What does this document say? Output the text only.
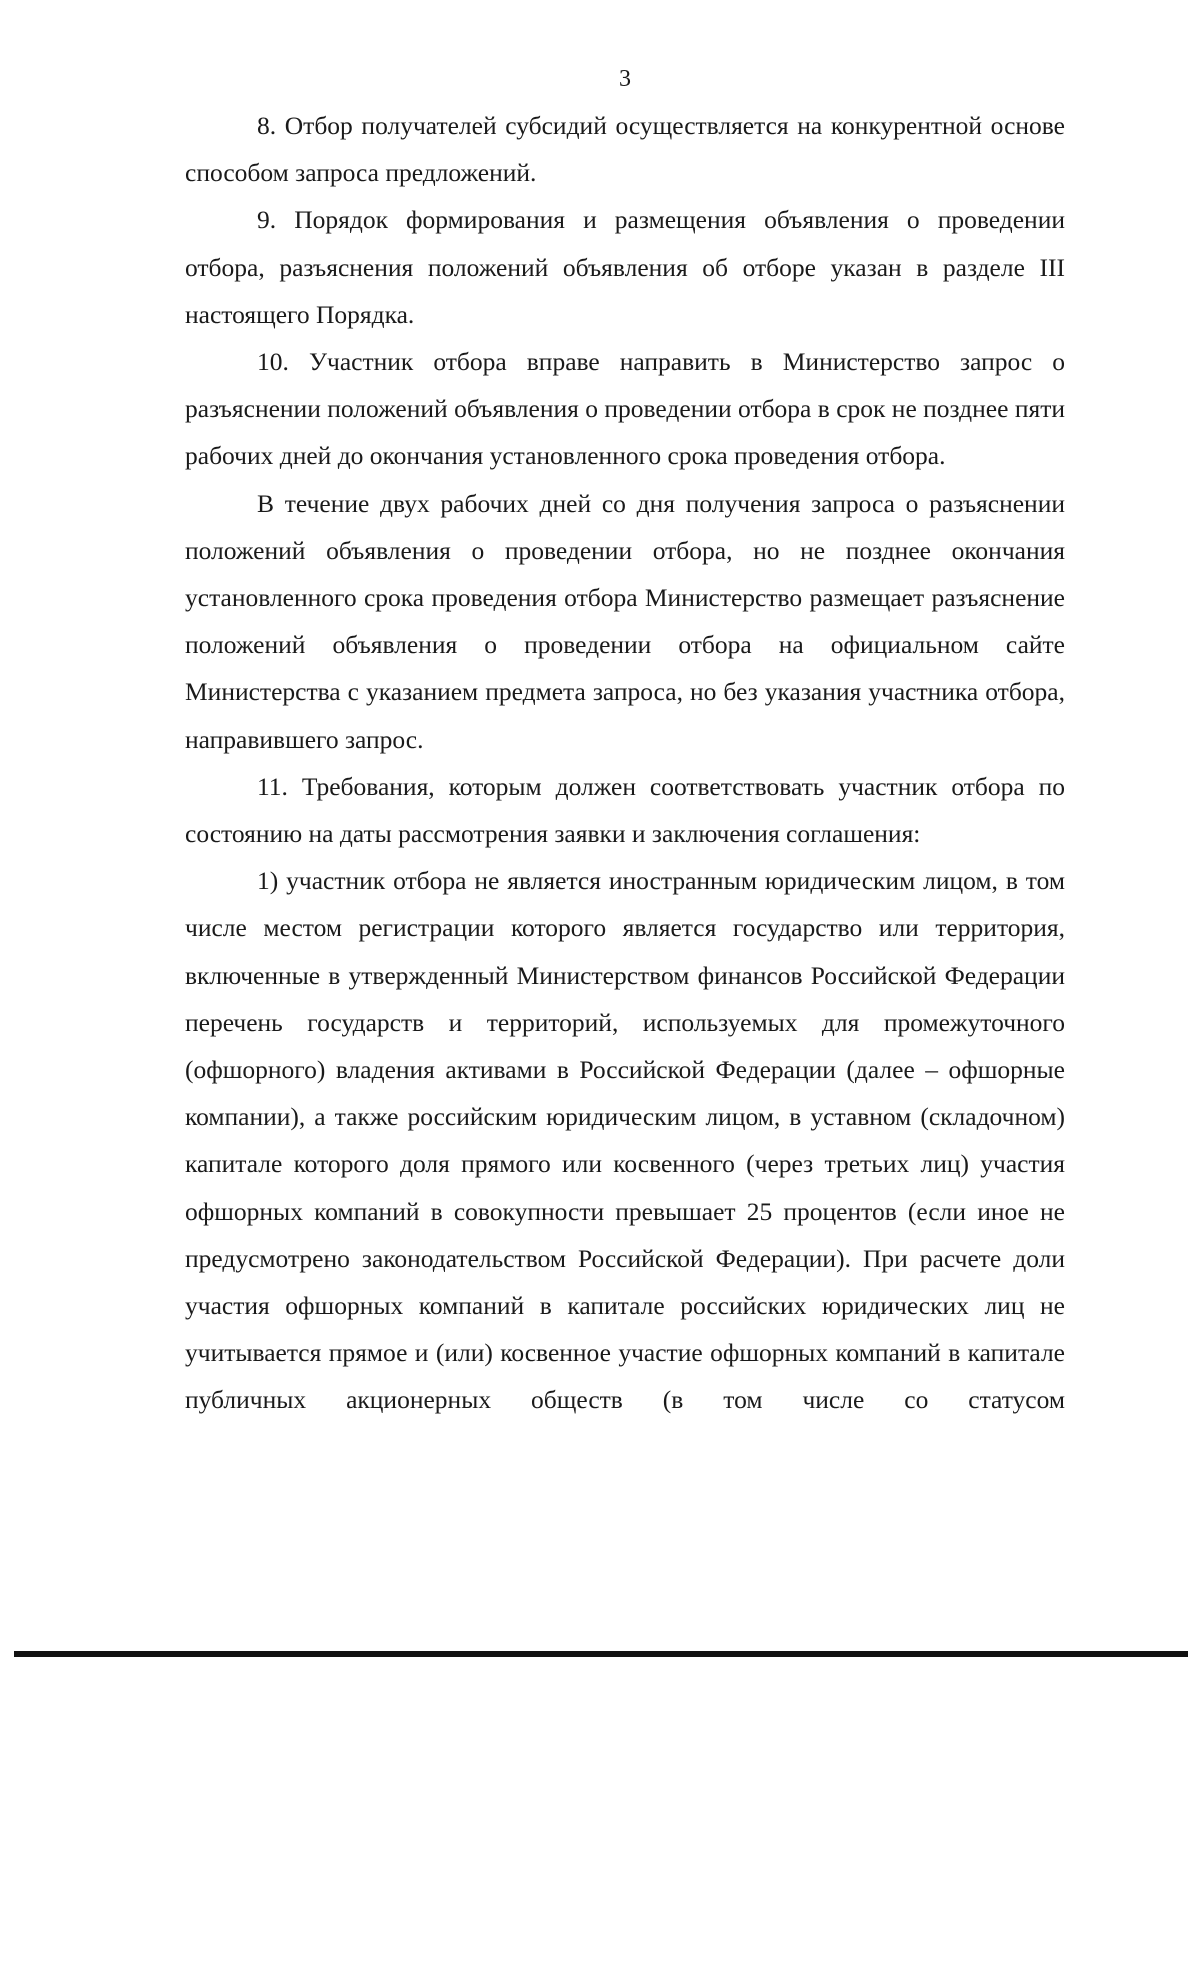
3

8. Отбор получателей субсидий осуществляется на конкурентной основе способом запроса предложений.

9. Порядок формирования и размещения объявления о проведении отбора, разъяснения положений объявления об отборе указан в разделе III настоящего Порядка.

10. Участник отбора вправе направить в Министерство запрос о разъяснении положений объявления о проведении отбора в срок не позднее пяти рабочих дней до окончания установленного срока проведения отбора.

В течение двух рабочих дней со дня получения запроса о разъяснении положений объявления о проведении отбора, но не позднее окончания установленного срока проведения отбора Министерство размещает разъяснение положений объявления о проведении отбора на официальном сайте Министерства с указанием предмета запроса, но без указания участника отбора, направившего запрос.

11. Требования, которым должен соответствовать участник отбора по состоянию на даты рассмотрения заявки и заключения соглашения:

1) участник отбора не является иностранным юридическим лицом, в том числе местом регистрации которого является государство или территория, включенные в утвержденный Министерством финансов Российской Федерации перечень государств и территорий, используемых для промежуточного (офшорного) владения активами в Российской Федерации (далее – офшорные компании), а также российским юридическим лицом, в уставном (складочном) капитале которого доля прямого или косвенного (через третьих лиц) участия офшорных компаний в совокупности превышает 25 процентов (если иное не предусмотрено законодательством Российской Федерации). При расчете доли участия офшорных компаний в капитале российских юридических лиц не учитывается прямое и (или) косвенное участие офшорных компаний в капитале публичных акционерных обществ (в том числе со статусом
